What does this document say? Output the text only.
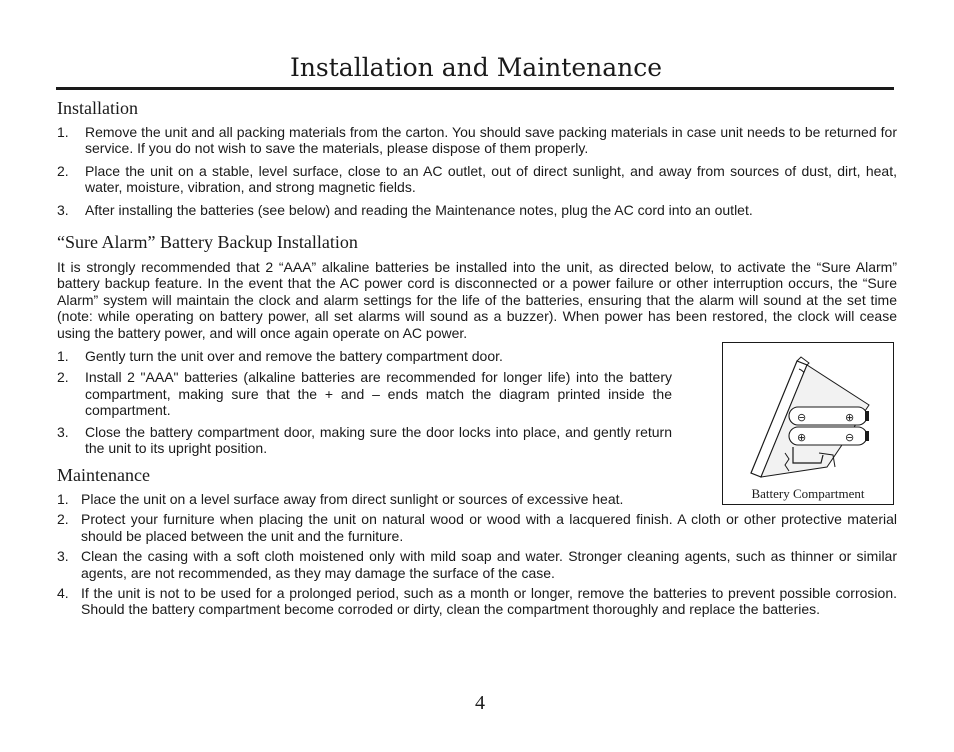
Installation and Maintenance
Installation
1. Remove the unit and all packing materials from the carton. You should save packing materials in case unit needs to be returned for service. If you do not wish to save the materials, please dispose of them properly.
2. Place the unit on a stable, level surface, close to an AC outlet, out of direct sunlight, and away from sources of dust, dirt, heat, water, moisture, vibration, and strong magnetic fields.
3. After installing the batteries (see below) and reading the Maintenance notes, plug the AC cord into an outlet.
“Sure Alarm” Battery Backup Installation

It is strongly recommended that 2 “AAA” alkaline batteries be installed into the unit, as directed below, to activate the “Sure Alarm” battery backup feature. In the event that the AC power cord is disconnected or a power failure or other interruption occurs, the “Sure Alarm” system will maintain the clock and alarm settings for the life of the batteries, ensuring that the alarm will sound at the set time (note: while operating on battery power, all set alarms will sound as a buzzer). When power has been restored, the clock will cease using the battery power, and will once again operate on AC power.

1. Gently turn the unit over and remove the battery compartment door.
2. Install 2 "AAA" batteries (alkaline batteries are recommended for longer life) into the battery compartment, making sure that the + and – ends match the diagram printed inside the compartment.
3. Close the battery compartment door, making sure the door locks into place, and gently return the unit to its upright position.
⊖	⊕
⊕	⊖
Battery Compartment
Maintenance
1. Place the unit on a level surface away from direct sunlight or sources of excessive heat.
2. Protect your furniture when placing the unit on natural wood or wood with a lacquered finish. A cloth or other protective material should be placed between the unit and the furniture.
3. Clean the casing with a soft cloth moistened only with mild soap and water. Stronger cleaning agents, such as thinner or similar agents, are not recommended, as they may damage the surface of the case.
4. If the unit is not to be used for a prolonged period, such as a month or longer, remove the batteries to prevent possible corrosion. Should the battery compartment become corroded or dirty, clean the compartment thoroughly and replace the batteries.
4
